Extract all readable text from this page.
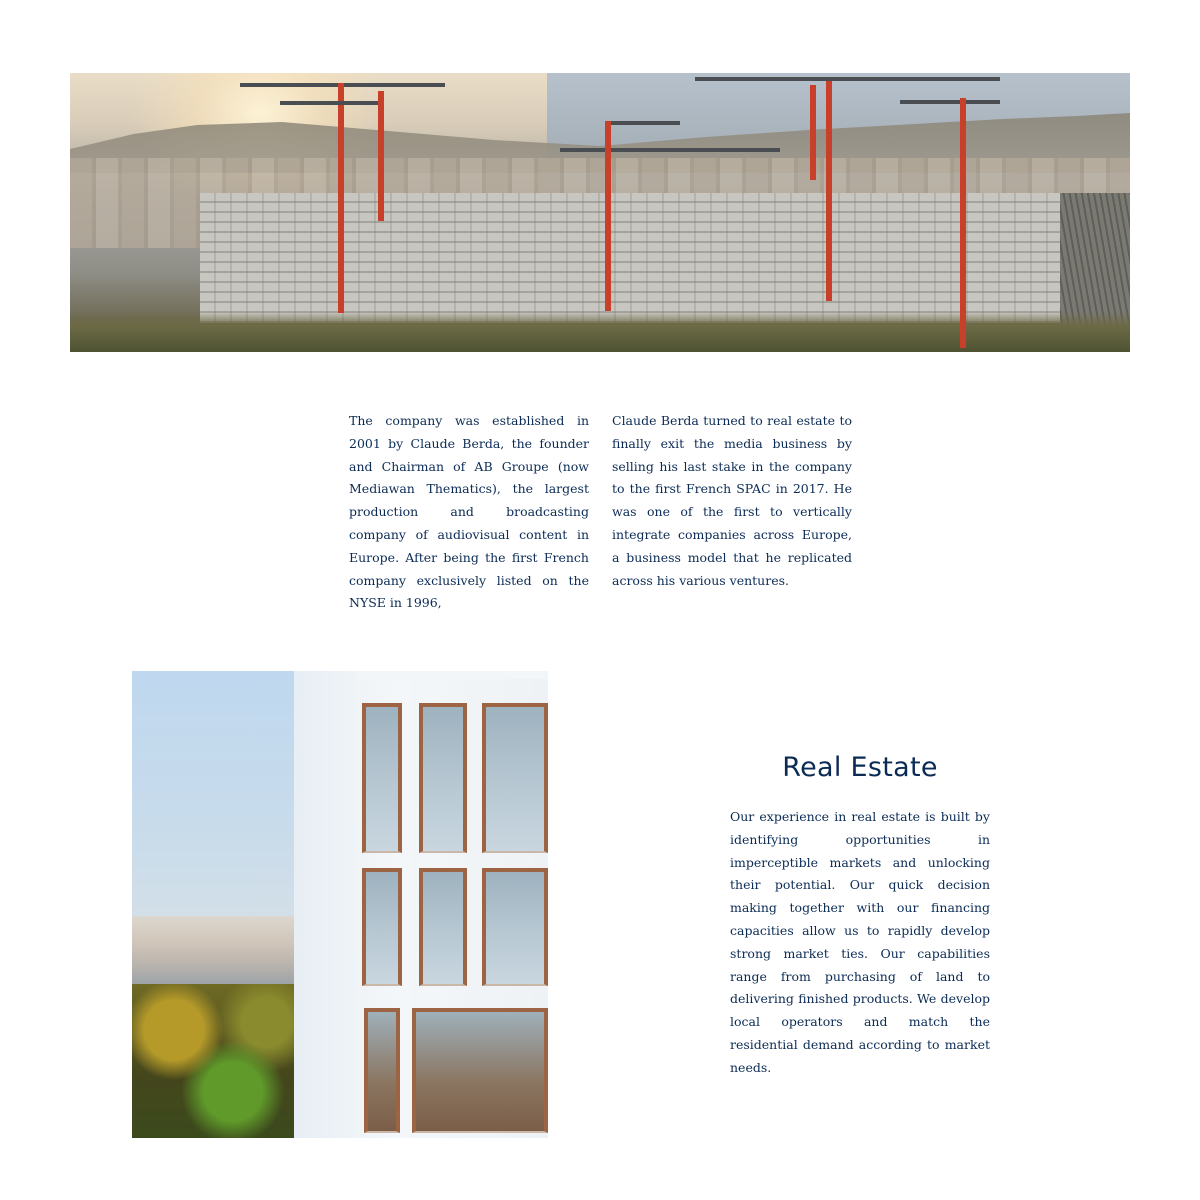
The company was established in 2001 by Claude Berda, the founder and Chairman of AB Groupe (now Mediawan Thematics), the largest production and broadcasting company of audiovisual content in Europe. After being the first French company exclusively listed on the NYSE in 1996,

Claude Berda turned to real estate to finally exit the media business by selling his last stake in the company to the first French SPAC in 2017. He was one of the first to vertically integrate companies across Europe, a business model that he replicated across his various ventures.

Real Estate

Our experience in real estate is built by identifying opportunities in imperceptible markets and unlocking their potential. Our quick decision making together with our financing capacities allow us to rapidly develop strong market ties. Our capabilities range from purchasing of land to delivering finished products. We develop local operators and match the residential demand according to market needs.
